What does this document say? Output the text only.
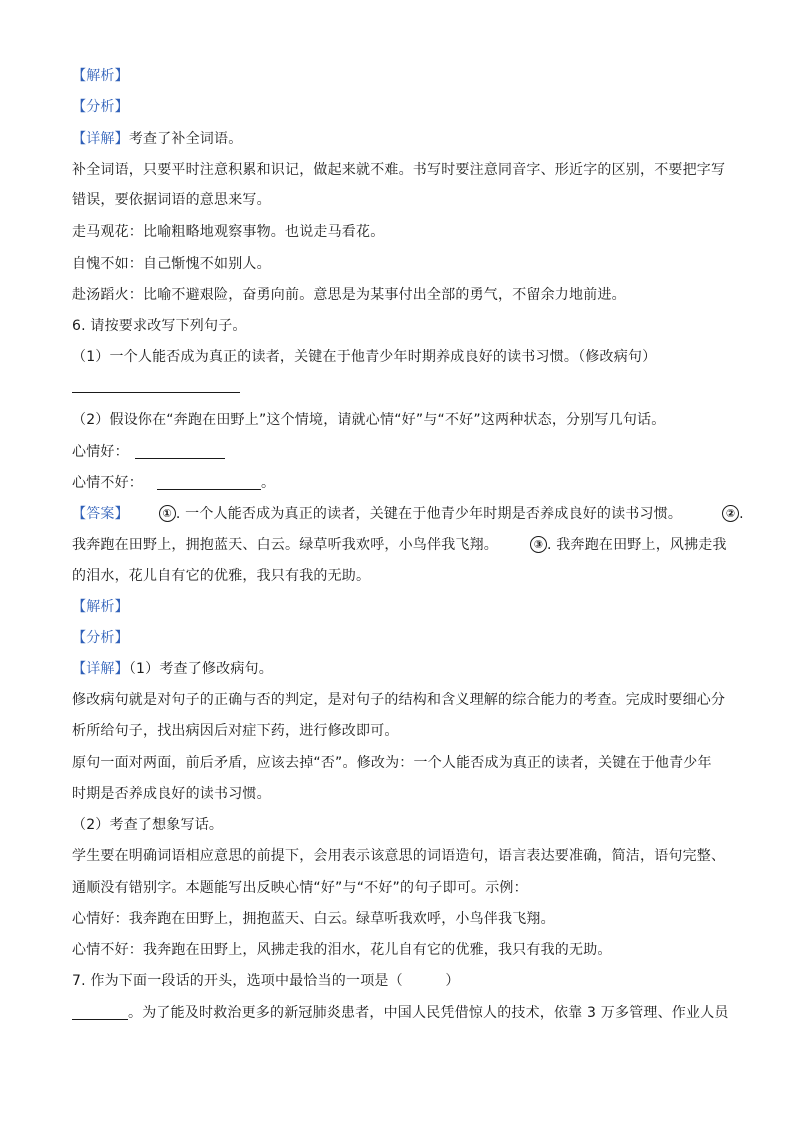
【解析】
【分析】
【详解】考查了补全词语。
补全词语，只要平时注意积累和识记，做起来就不难。书写时要注意同音字、形近字的区别，不要把字写
错误，要依据词语的意思来写。
走马观花：比喻粗略地观察事物。也说走马看花。
自愧不如：自己惭愧不如别人。
赴汤蹈火：比喻不避艰险，奋勇向前。意思是为某事付出全部的勇气，不留余力地前进。
6. 请按要求改写下列句子。
（1）一个人能否成为真正的读者，关键在于他青少年时期养成良好的读书习惯。（修改病句）
（2）假设你在“奔跑在田野上”这个情境，请就心情“好”与“不好”这两种状态，分别写几句话。
心情好：
心情不好：	。
【答案】	① . 一个人能否成为真正的读者，关键在于他青少年时期是否养成良好的读书习惯。	② .
我奔跑在田野上，拥抱蓝天、白云。绿草听我欢呼，小鸟伴我飞翔。	③ . 我奔跑在田野上，风拂走我
的泪水，花儿自有它的优雅，我只有我的无助。
【解析】
【分析】
【详解】（1）考查了修改病句。
修改病句就是对句子的正确与否的判定，是对句子的结构和含义理解的综合能力的考查。完成时要细心分
析所给句子，找出病因后对症下药，进行修改即可。
原句一面对两面，前后矛盾，应该去掉“否”。修改为：一个人能否成为真正的读者，关键在于他青少年
时期是否养成良好的读书习惯。
（2）考查了想象写话。
学生要在明确词语相应意思的前提下，会用表示该意思的词语造句，语言表达要准确，简洁，语句完整、
通顺没有错别字。本题能写出反映心情“好”与“不好”的句子即可。示例：
心情好：我奔跑在田野上，拥抱蓝天、白云。绿草听我欢呼，小鸟伴我飞翔。
心情不好：我奔跑在田野上，风拂走我的泪水，花儿自有它的优雅，我只有我的无助。
7. 作为下面一段话的开头，选项中最恰当的一项是（　　　）
。为了能及时救治更多的新冠肺炎患者，中国人民凭借惊人的技术，依靠 3 万多管理、作业人员
